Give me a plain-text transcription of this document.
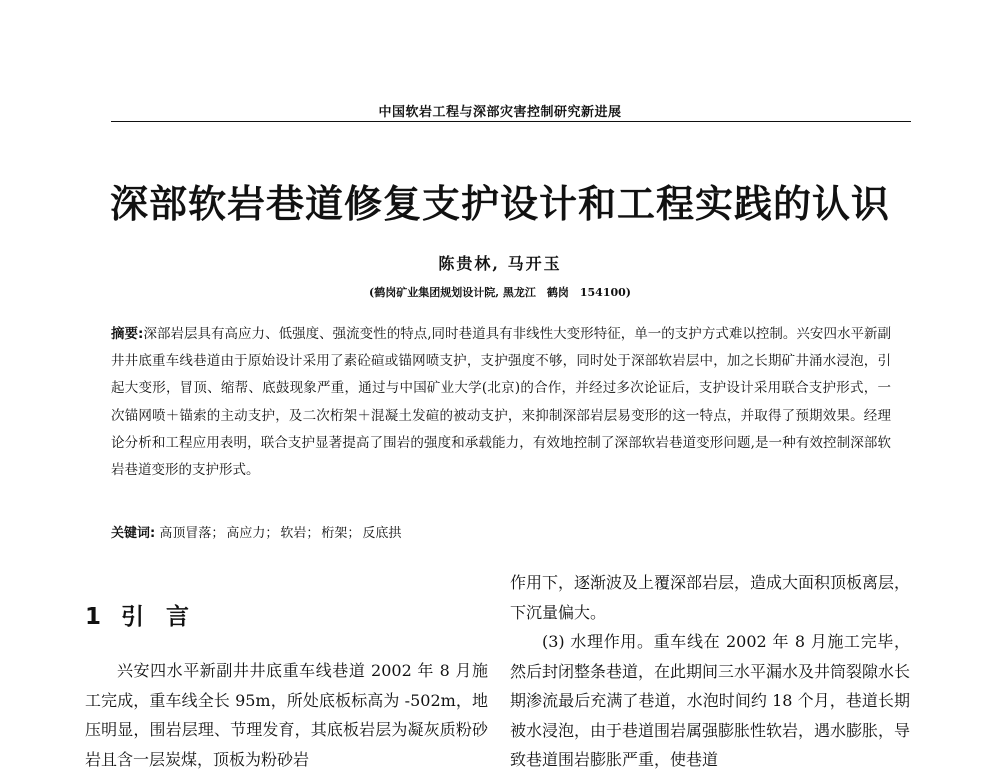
中国软岩工程与深部灾害控制研究新进展
深部软岩巷道修复支护设计和工程实践的认识
陈贵林, 马开玉
(鹤岗矿业集团规划设计院, 黑龙江　鹤岗　154100)
摘要:深部岩层具有高应力、低强度、强流变性的特点,同时巷道具有非线性大变形特征，单一的支护方式难以控制。兴安四水平新副井井底重车线巷道由于原始设计采用了素砼碹或锚网喷支护，支护强度不够，同时处于深部软岩层中，加之长期矿井涌水浸泡，引起大变形，冒顶、缩帮、底鼓现象严重，通过与中国矿业大学(北京)的合作，并经过多次论证后，支护设计采用联合支护形式，一次锚网喷＋锚索的主动支护，及二次桁架＋混凝土发碹的被动支护，来抑制深部岩层易变形的这一特点，并取得了预期效果。经理论分析和工程应用表明，联合支护显著提高了围岩的强度和承载能力，有效地控制了深部软岩巷道变形问题,是一种有效控制深部软岩巷道变形的支护形式。
关键词: 高顶冒落； 高应力； 软岩； 桁架； 反底拱
1 引 言

兴安四水平新副井井底重车线巷道 2002 年 8 月施工完成，重车线全长 95m，所处底板标高为 -502m，地压明显，围岩层理、节理发育，其底板岩层为凝灰质粉砂岩且含一层炭煤，顶板为粉砂岩

作用下，逐渐波及上覆深部岩层，造成大面积顶板离层，下沉量偏大。

(3) 水理作用。重车线在 2002 年 8 月施工完毕，然后封闭整条巷道，在此期间三水平漏水及井筒裂隙水长期渗流最后充满了巷道，水泡时间约 18 个月，巷道长期被水浸泡，由于巷道围岩属强膨胀性软岩，遇水膨胀，导致巷道围岩膨胀严重，使巷道
